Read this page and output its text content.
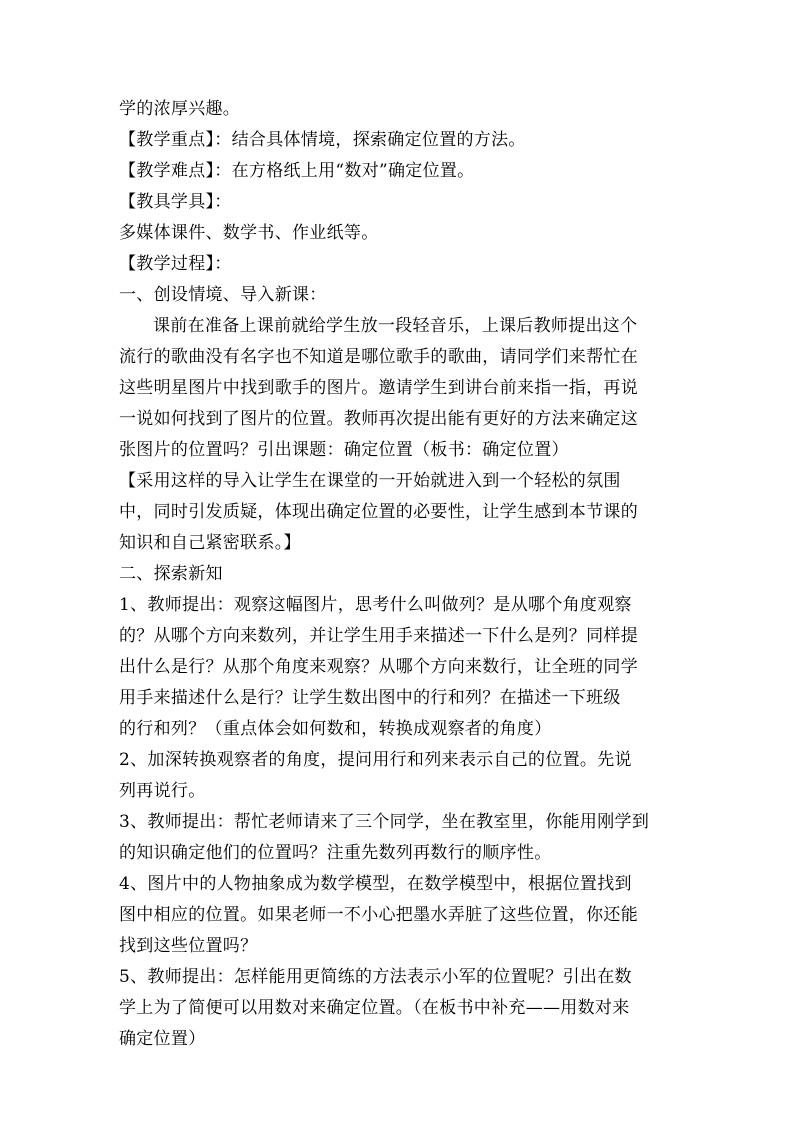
学的浓厚兴趣。

【教学重点】：结合具体情境，探索确定位置的方法。

【教学难点】：在方格纸上用“数对”确定位置。

【教具学具】：

多媒体课件、数学书、作业纸等。

【教学过程】：

一、创设情境、导入新课：

课前在准备上课前就给学生放一段轻音乐，上课后教师提出这个

流行的歌曲没有名字也不知道是哪位歌手的歌曲，请同学们来帮忙在

这些明星图片中找到歌手的图片。邀请学生到讲台前来指一指，再说

一说如何找到了图片的位置。教师再次提出能有更好的方法来确定这

张图片的位置吗？引出课题：确定位置（板书：确定位置）

【采用这样的导入让学生在课堂的一开始就进入到一个轻松的氛围

中，同时引发质疑，体现出确定位置的必要性，让学生感到本节课的

知识和自己紧密联系。】

二、探索新知

1、教师提出：观察这幅图片，思考什么叫做列？是从哪个角度观察

的？从哪个方向来数列，并让学生用手来描述一下什么是列？同样提

出什么是行？从那个角度来观察？从哪个方向来数行，让全班的同学

用手来描述什么是行？让学生数出图中的行和列？在描述一下班级

的行和列？（重点体会如何数和，转换成观察者的角度）

2、加深转换观察者的角度，提问用行和列来表示自己的位置。先说

列再说行。

3、教师提出：帮忙老师请来了三个同学，坐在教室里，你能用刚学到

的知识确定他们的位置吗？注重先数列再数行的顺序性。

4、图片中的人物抽象成为数学模型，在数学模型中，根据位置找到

图中相应的位置。如果老师一不小心把墨水弄脏了这些位置，你还能

找到这些位置吗？

5、教师提出：怎样能用更简练的方法表示小军的位置呢？引出在数

学上为了简便可以用数对来确定位置。（在板书中补充——用数对来

确定位置）
